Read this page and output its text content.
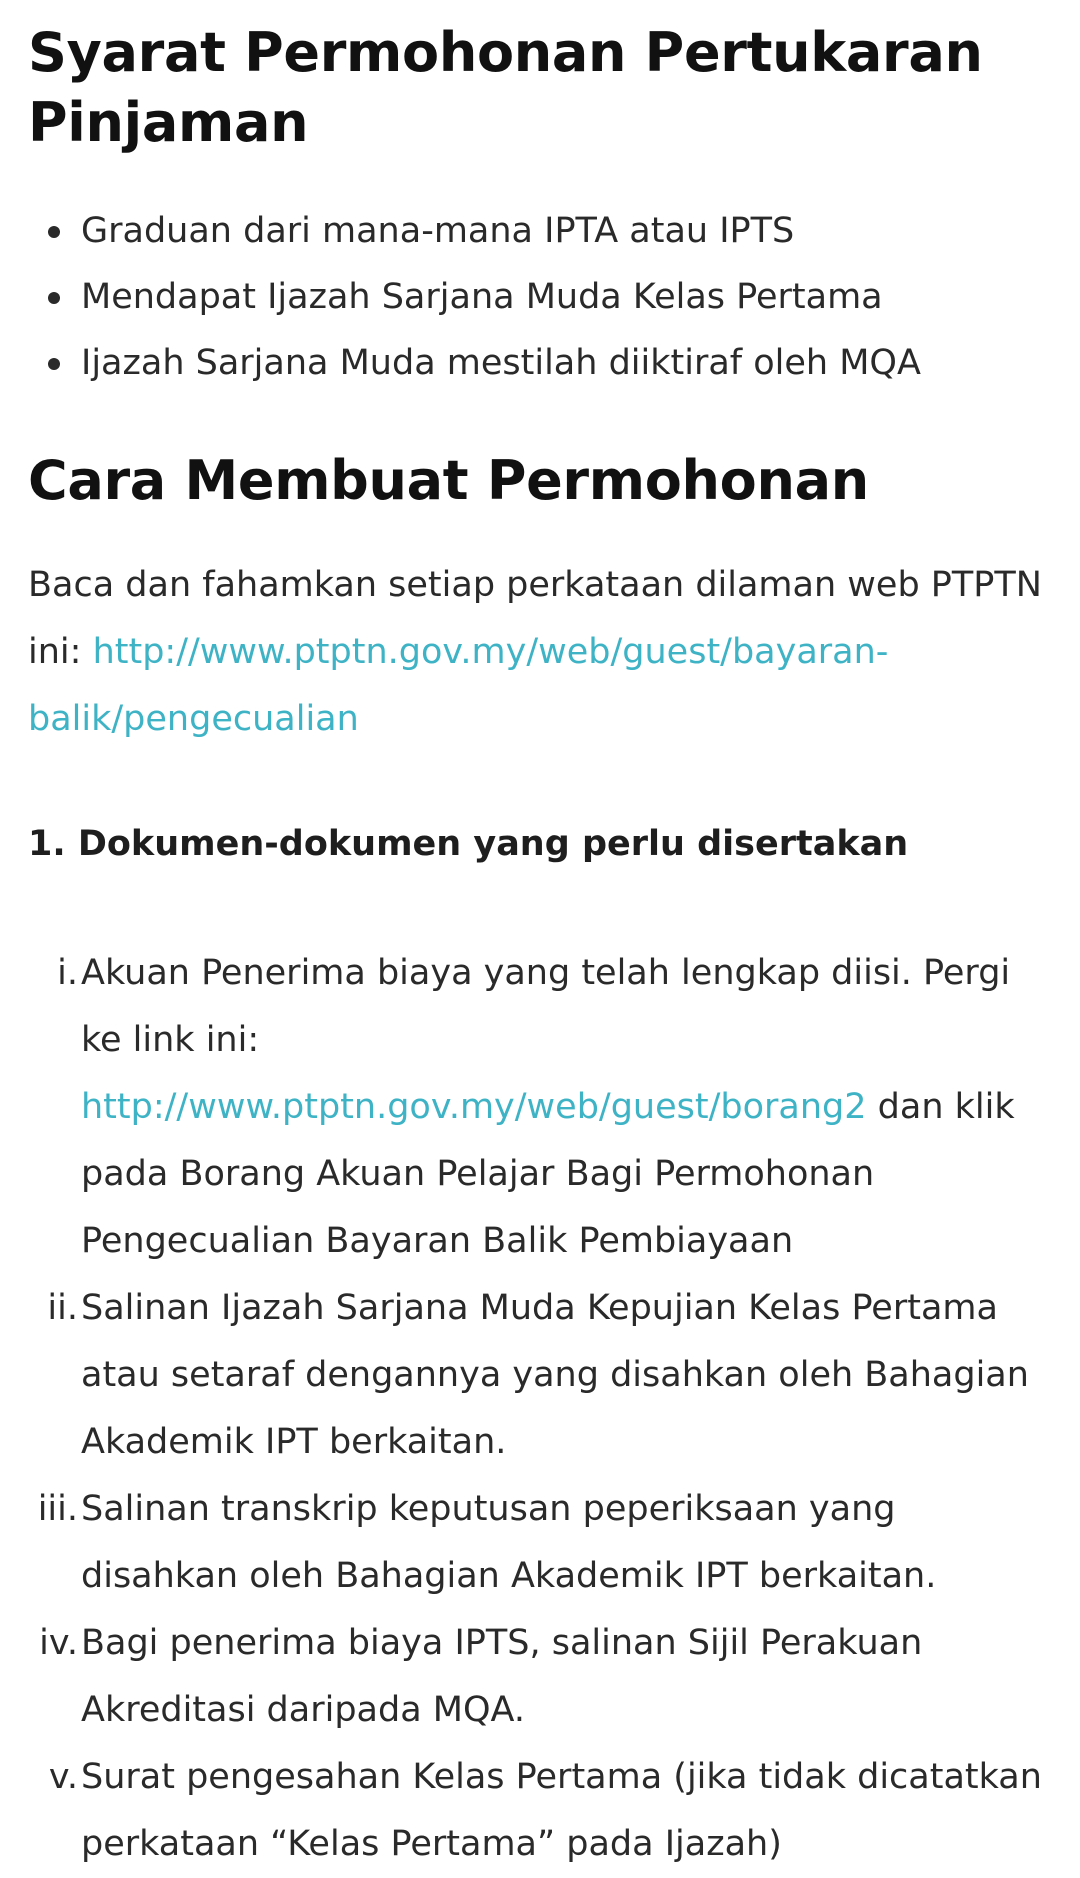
Syarat Permohonan Pertukaran
Pinjaman
Graduan dari mana-mana IPTA atau IPTS
Mendapat Ijazah Sarjana Muda Kelas Pertama
Ijazah Sarjana Muda mestilah diiktiraf oleh MQA
Cara Membuat Permohonan

Baca dan fahamkan setiap perkataan dilaman web PTPTN
ini: http://www.ptptn.gov.my/web/guest/bayaran-
balik/pengecualian

1. Dokumen-dokumen yang perlu disertakan

i. Akuan Penerima biaya yang telah lengkap diisi. Pergi ke link ini: http://www.ptptn.gov.my/web/guest/borang2 dan klik pada Borang Akuan Pelajar Bagi Permohonan Pengecualian Bayaran Balik Pembiayaan
ii. Salinan Ijazah Sarjana Muda Kepujian Kelas Pertama atau setaraf dengannya yang disahkan oleh Bahagian Akademik IPT berkaitan.
iii. Salinan transkrip keputusan peperiksaan yang disahkan oleh Bahagian Akademik IPT berkaitan.
iv. Bagi penerima biaya IPTS, salinan Sijil Perakuan Akreditasi daripada MQA.
v. Surat pengesahan Kelas Pertama (jika tidak dicatatkan perkataan “Kelas Pertama” pada Ijazah)
